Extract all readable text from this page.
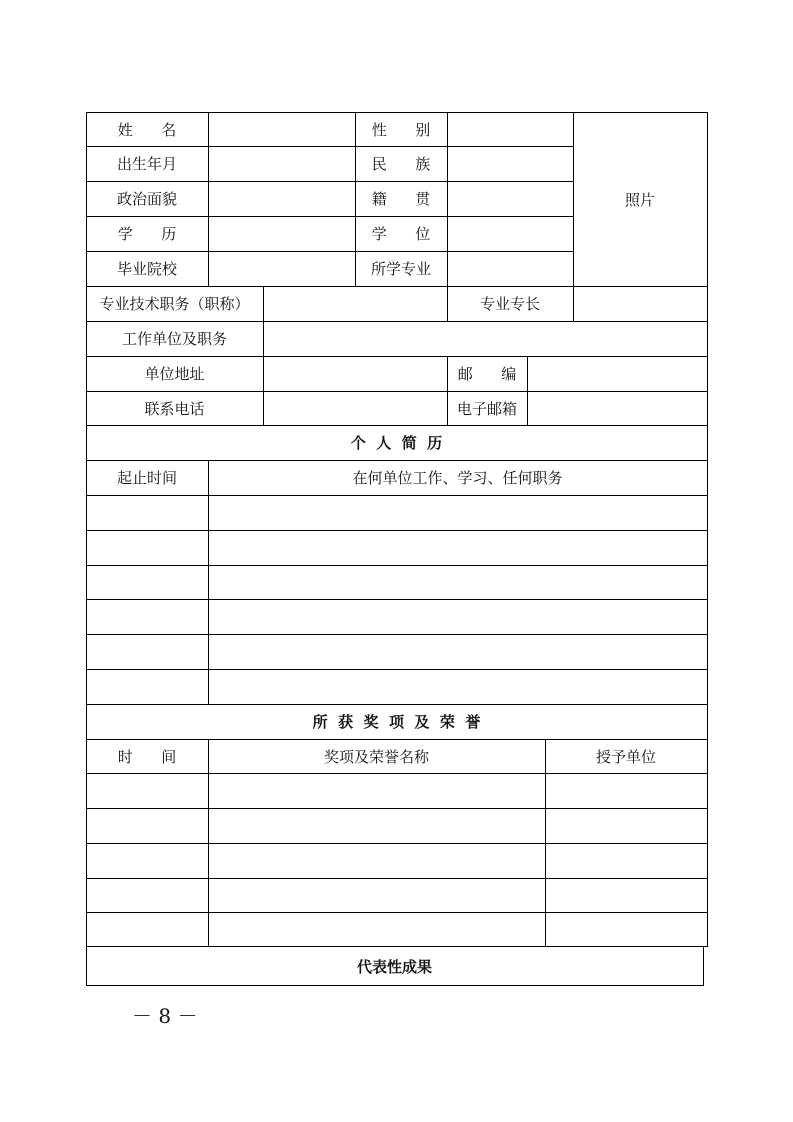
姓      名	性      别
出生年月	民      族
政治面貌	籍      贯
学      历	学      位
毕业院校	所学专业
照片
专业技术职务（职称）	专业专长
工作单位及职务
单位地址	邮      编
联系电话	电子邮箱
个  人  简  历
起止时间	在何单位工作、学习、任何职务
所  获  奖  项  及  荣  誉
时      间	奖项及荣誉名称	授予单位
代表性成果
－ 8 －
